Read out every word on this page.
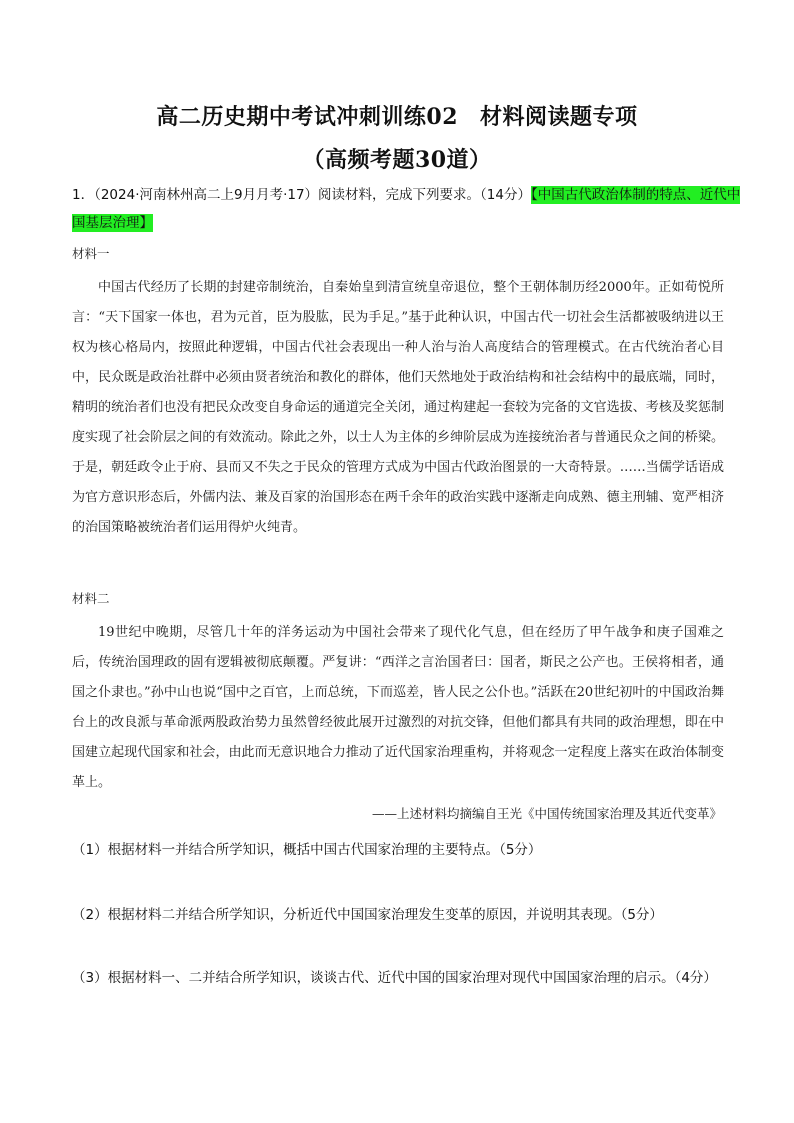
高二历史期中考试冲刺训练02 材料阅读题专项
（高频考题30道）
1．（2024·河南林州高二上9月月考·17）阅读材料，完成下列要求。（14分）【中国古代政治体制的特点、近代中国基层治理】
材料一
中国古代经历了长期的封建帝制统治，自秦始皇到清宣统皇帝退位，整个王朝体制历经2000年。正如荀悦所言：“天下国家一体也，君为元首，臣为股肱，民为手足。”基于此种认识，中国古代一切社会生活都被吸纳进以王权为核心格局内，按照此种逻辑，中国古代社会表现出一种人治与治人高度结合的管理模式。在古代统治者心目中，民众既是政治社群中必须由贤者统治和教化的群体，他们天然地处于政治结构和社会结构中的最底端，同时，精明的统治者们也没有把民众改变自身命运的通道完全关闭，通过构建起一套较为完备的文官选拔、考核及奖惩制度实现了社会阶层之间的有效流动。除此之外，以士人为主体的乡绅阶层成为连接统治者与普通民众之间的桥梁。于是，朝廷政令止于府、县而又不失之于民众的管理方式成为中国古代政治图景的一大奇特景。……当儒学话语成为官方意识形态后，外儒内法、兼及百家的治国形态在两千余年的政治实践中逐渐走向成熟、德主刑辅、宽严相济的治国策略被统治者们运用得炉火纯青。
材料二
19世纪中晚期，尽管几十年的洋务运动为中国社会带来了现代化气息，但在经历了甲午战争和庚子国难之后，传统治国理政的固有逻辑被彻底颠覆。严复讲：“西洋之言治国者曰：国者，斯民之公产也。王侯将相者，通国之仆隶也。”孙中山也说“国中之百官，上而总统，下而巡差，皆人民之公仆也。”活跃在20世纪初叶的中国政治舞台上的改良派与革命派两股政治势力虽然曾经彼此展开过激烈的对抗交锋，但他们都具有共同的政治理想，即在中国建立起现代国家和社会，由此而无意识地合力推动了近代国家治理重构，并将观念一定程度上落实在政治体制变革上。
——上述材料均摘编自王光《中国传统国家治理及其近代变革》
（1）根据材料一并结合所学知识，概括中国古代国家治理的主要特点。（5分）
（2）根据材料二并结合所学知识，分析近代中国国家治理发生变革的原因，并说明其表现。（5分）
（3）根据材料一、二并结合所学知识，谈谈古代、近代中国的国家治理对现代中国国家治理的启示。（4分）
